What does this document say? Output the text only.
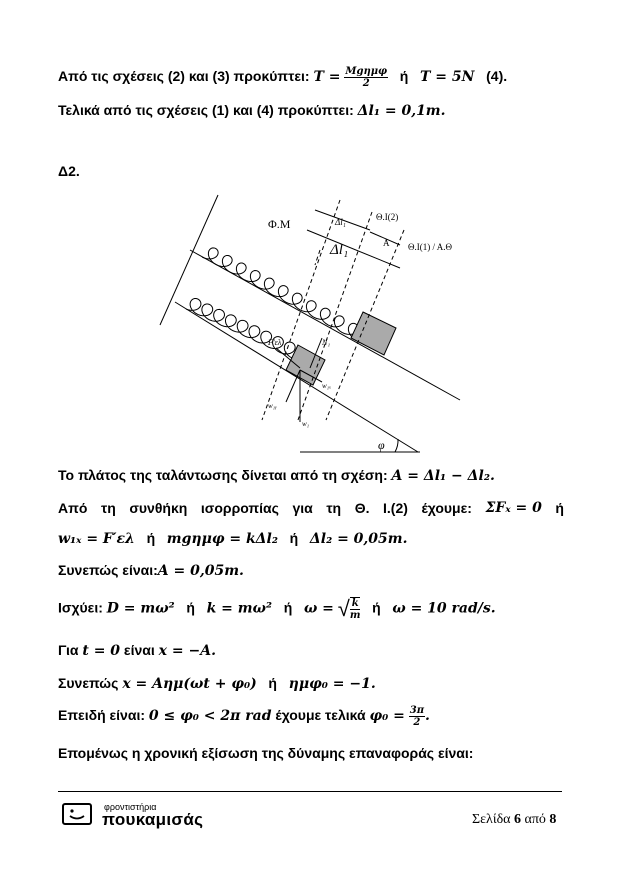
Από τις σχέσεις (2) και (3) προκύπτει: $T = \frac{\text{Mgημφ}}{2}$ ή T = 5N (4).
Τελικά από τις σχέσεις (1) και (4) προκύπτει: Δl₁ = 0,1m.
Δ2.
φ
Φ.Μ	Δl₁
Δl₁	A
Θ.Ι(2)
Θ.Ι(1) / Α.Θ
F′ελ	N₁
w₁ₓ
w₁ᵧ
w₁
Το πλάτος της ταλάντωσης δίνεται από τη σχέση: A = Δl₁ − Δl₂.
Από τη συνθήκη ισορροπίας για τη Θ. Ι.(2) έχουμε: ΣFₓ = 0 ή
w₁ₓ = F′ελ ή mgημφ = kΔl₂ ή Δl₂ = 0,05m.
Συνεπώς είναι:A = 0,05m.
Ισχύει: D = mω² ή k = mω² ή ω = √ $\frac{k}{m}$ ή ω = 10 rad/s.
Για t = 0 είναι x = −A.
Συνεπώς x = Aημ(ωt + φ₀) ή ημφ₀ = −1.
Επειδή είναι: 0 ≤ φ₀ < 2π rad έχουμε τελικά $\varphi_0 = \frac{3\pi}{2}$ .
Επομένως η χρονική εξίσωση της δύναμης επαναφοράς είναι:
φροντιστήρια
πουκαμισάς	Σελίδα 6 από 8
